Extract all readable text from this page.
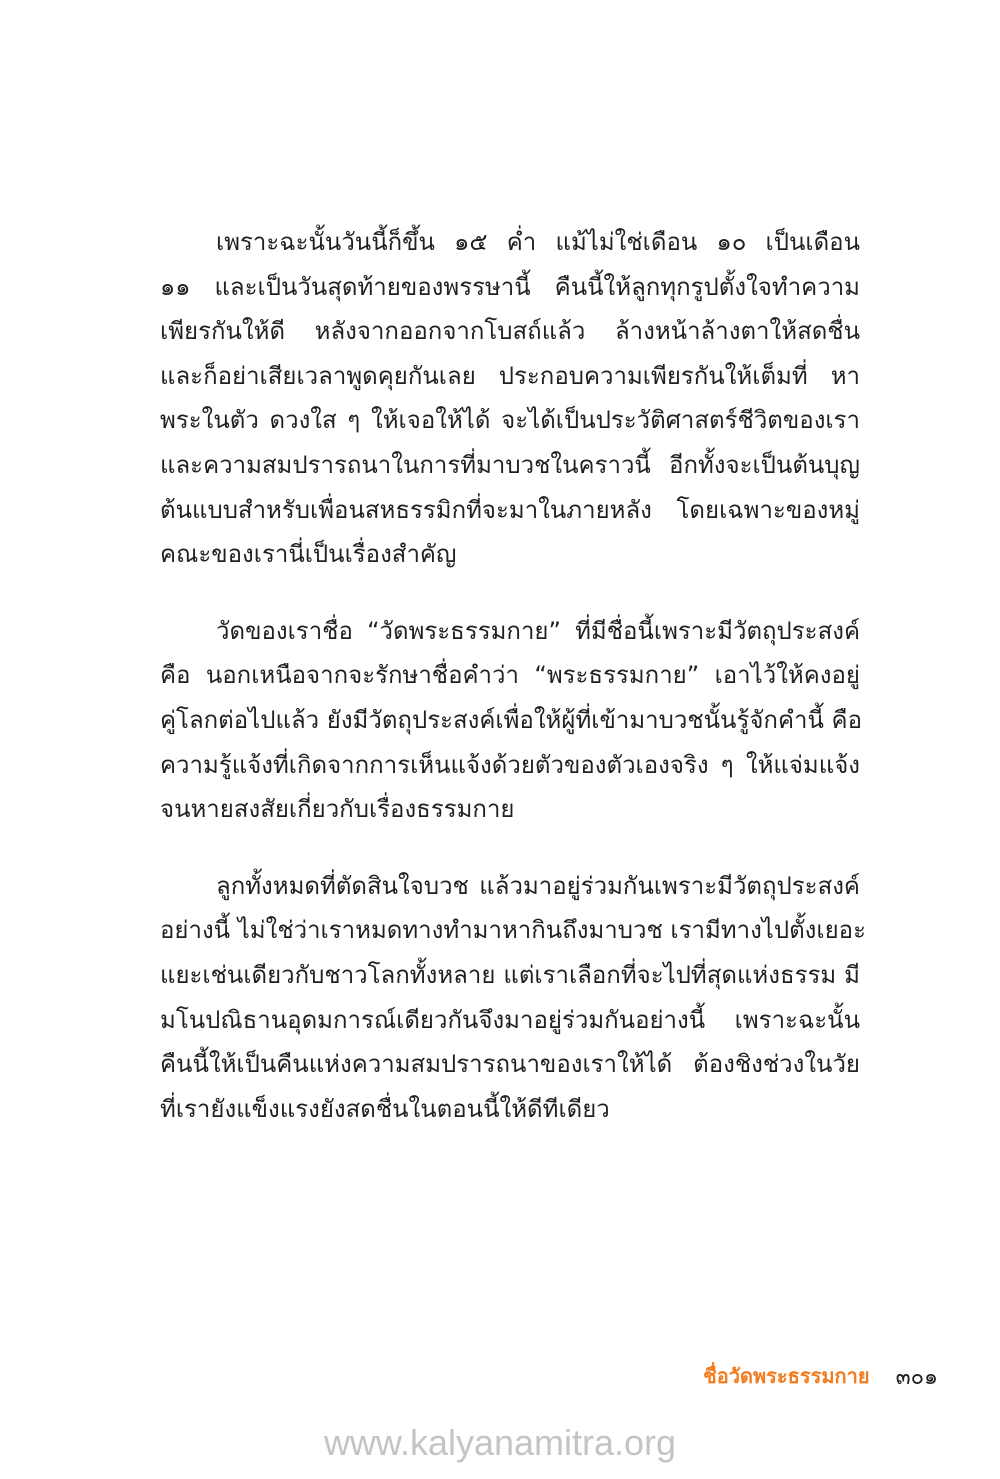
เพราะฉะนั้นวันนี้ก็ขึ้น ๑๕ ค่ำ แม้ไม่ใช่เดือน ๑๐ เป็นเดือน
๑๑ และเป็นวันสุดท้ายของพรรษานี้ คืนนี้ให้ลูกทุกรูปตั้งใจทำความ
เพียรกันให้ดี หลังจากออกจากโบสถ์แล้ว ล้างหน้าล้างตาให้สดชื่น
และก็อย่าเสียเวลาพูดคุยกันเลย ประกอบความเพียรกันให้เต็มที่ หา
พระในตัว ดวงใส ๆ ให้เจอให้ได้ จะได้เป็นประวัติศาสตร์ชีวิตของเรา
และความสมปรารถนาในการที่มาบวชในคราวนี้ อีกทั้งจะเป็นต้นบุญ
ต้นแบบสำหรับเพื่อนสหธรรมิกที่จะมาในภายหลัง โดยเฉพาะของหมู่
คณะของเรานี่เป็นเรื่องสำคัญ
วัดของเราชื่อ “วัดพระธรรมกาย” ที่มีชื่อนี้เพราะมีวัตถุประสงค์
คือ นอกเหนือจากจะรักษาชื่อคำว่า “พระธรรมกาย” เอาไว้ให้คงอยู่
คู่โลกต่อไปแล้ว ยังมีวัตถุประสงค์เพื่อให้ผู้ที่เข้ามาบวชนั้นรู้จักคำนี้ คือ
ความรู้แจ้งที่เกิดจากการเห็นแจ้งด้วยตัวของตัวเองจริง ๆ ให้แจ่มแจ้ง
จนหายสงสัยเกี่ยวกับเรื่องธรรมกาย
ลูกทั้งหมดที่ตัดสินใจบวช แล้วมาอยู่ร่วมกันเพราะมีวัตถุประสงค์
อย่างนี้ ไม่ใช่ว่าเราหมดทางทำมาหากินถึงมาบวช เรามีทางไปตั้งเยอะ
แยะเช่นเดียวกับชาวโลกทั้งหลาย แต่เราเลือกที่จะไปที่สุดแห่งธรรม มี
มโนปณิธานอุดมการณ์เดียวกันจึงมาอยู่ร่วมกันอย่างนี้ เพราะฉะนั้น
คืนนี้ให้เป็นคืนแห่งความสมปรารถนาของเราให้ได้ ต้องชิงช่วงในวัย
ที่เรายังแข็งแรงยังสดชื่นในตอนนี้ให้ดีทีเดียว
ชื่อวัดพระธรรมกาย ๓๐๑
www.kalyanamitra.org
